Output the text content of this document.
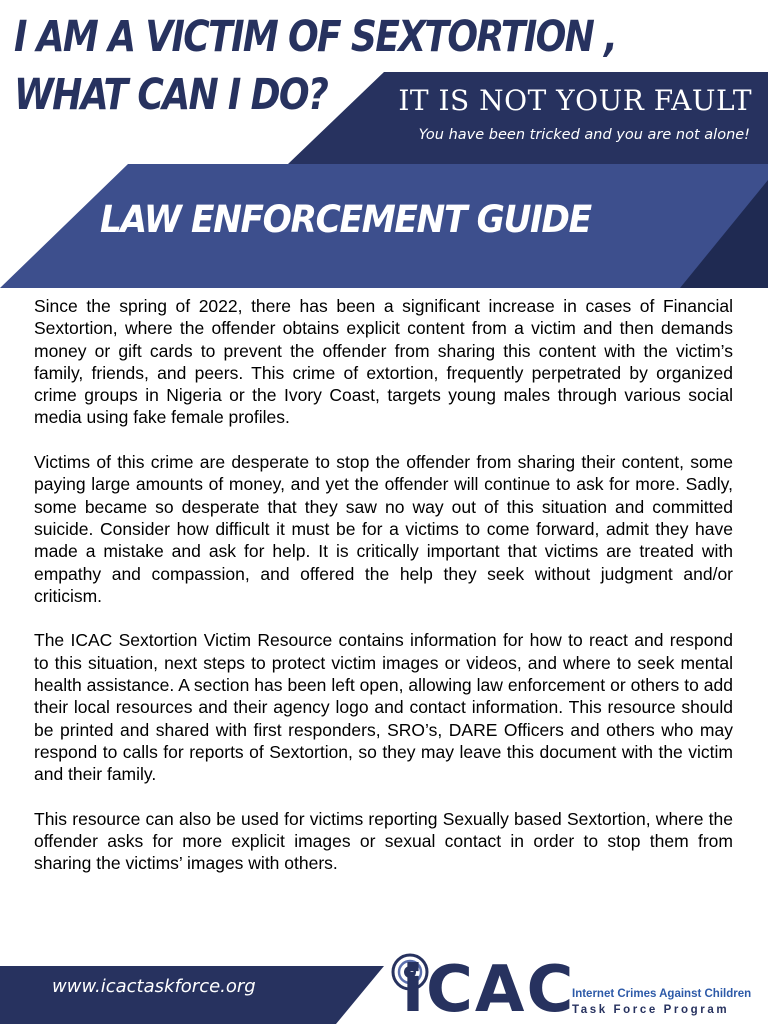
I AM A VICTIM OF SEXTORTION ,
WHAT CAN I DO?	IT IS NOT YOUR FAULT
You have been tricked and you are not alone!
LAW ENFORCEMENT GUIDE

Since the spring of 2022, there has been a significant increase in cases of Financial Sextortion, where the offender obtains explicit content from a victim and then demands money or gift cards to prevent the offender from sharing this content with the victim’s family, friends, and peers. This crime of extortion, frequently perpetrated by organized crime groups in Nigeria or the Ivory Coast, targets young males through various social media using fake female profiles.

Victims of this crime are desperate to stop the offender from sharing their content, some paying large amounts of money, and yet the offender will continue to ask for more. Sadly, some became so desperate that they saw no way out of this situation and committed suicide. Consider how difficult it must be for a victims to come forward, admit they have made a mistake and ask for help. It is critically important that victims are treated with empathy and compassion, and offered the help they seek without judgment and/or criticism.

The ICAC Sextortion Victim Resource contains information for how to react and respond to this situation, next steps to protect victim images or videos, and where to seek mental health assistance. A section has been left open, allowing law enforcement or others to add their local resources and their agency logo and contact information. This resource should be printed and shared with first responders, SRO’s, DARE Officers and others who may respond to calls for reports of Sextortion, so they may leave this document with the victim and their family.

This resource can also be used for victims reporting Sexually based Sextortion, where the offender asks for more explicit images or sexual contact in order to stop them from sharing the victims’ images with others.

www.icactaskforce.org iCAC
Internet Crimes Against Children
Task Force Program
